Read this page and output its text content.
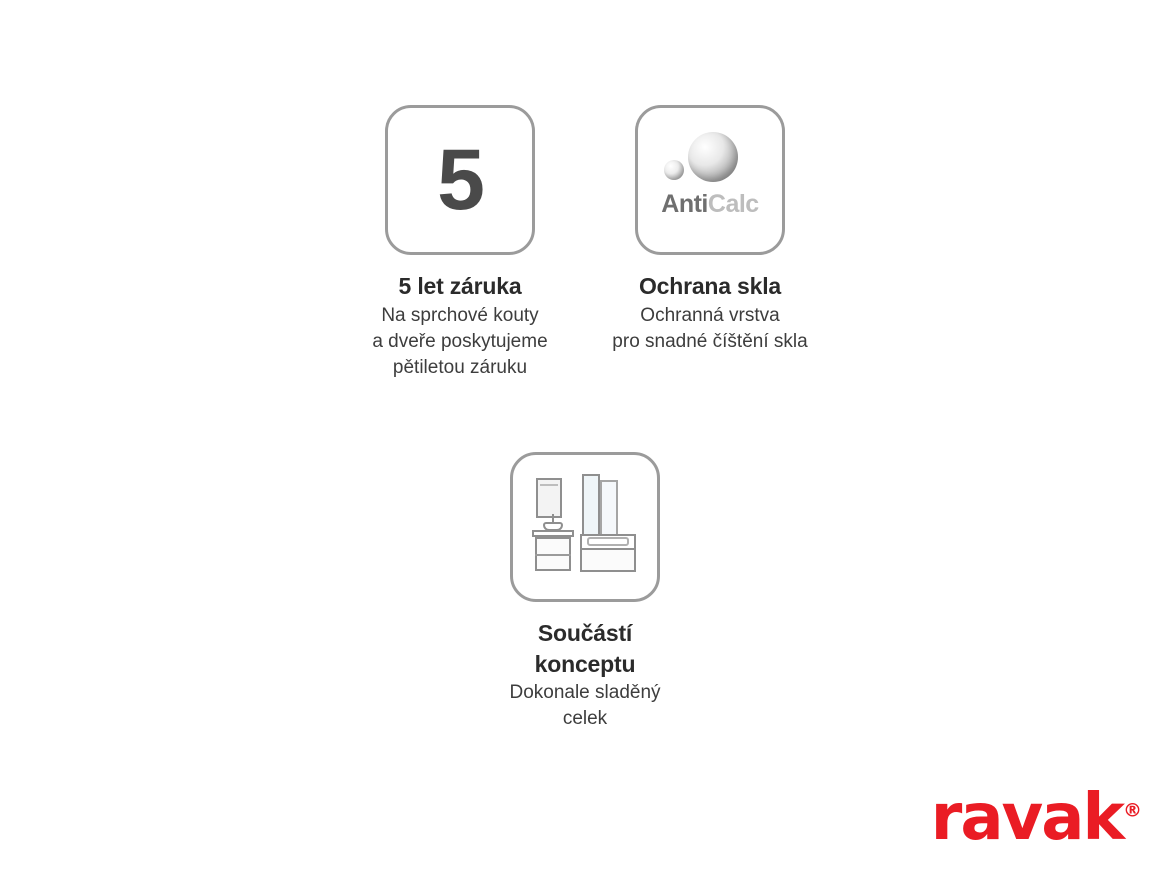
5
5 let záruka
Na sprchové kouty
a dveře poskytujeme
pětiletou záruku
AntiCalc
Ochrana skla
Ochranná vrstva
pro snadné číštění skla
Součástí
konceptu
Dokonale sladěný
celek
ravak®
